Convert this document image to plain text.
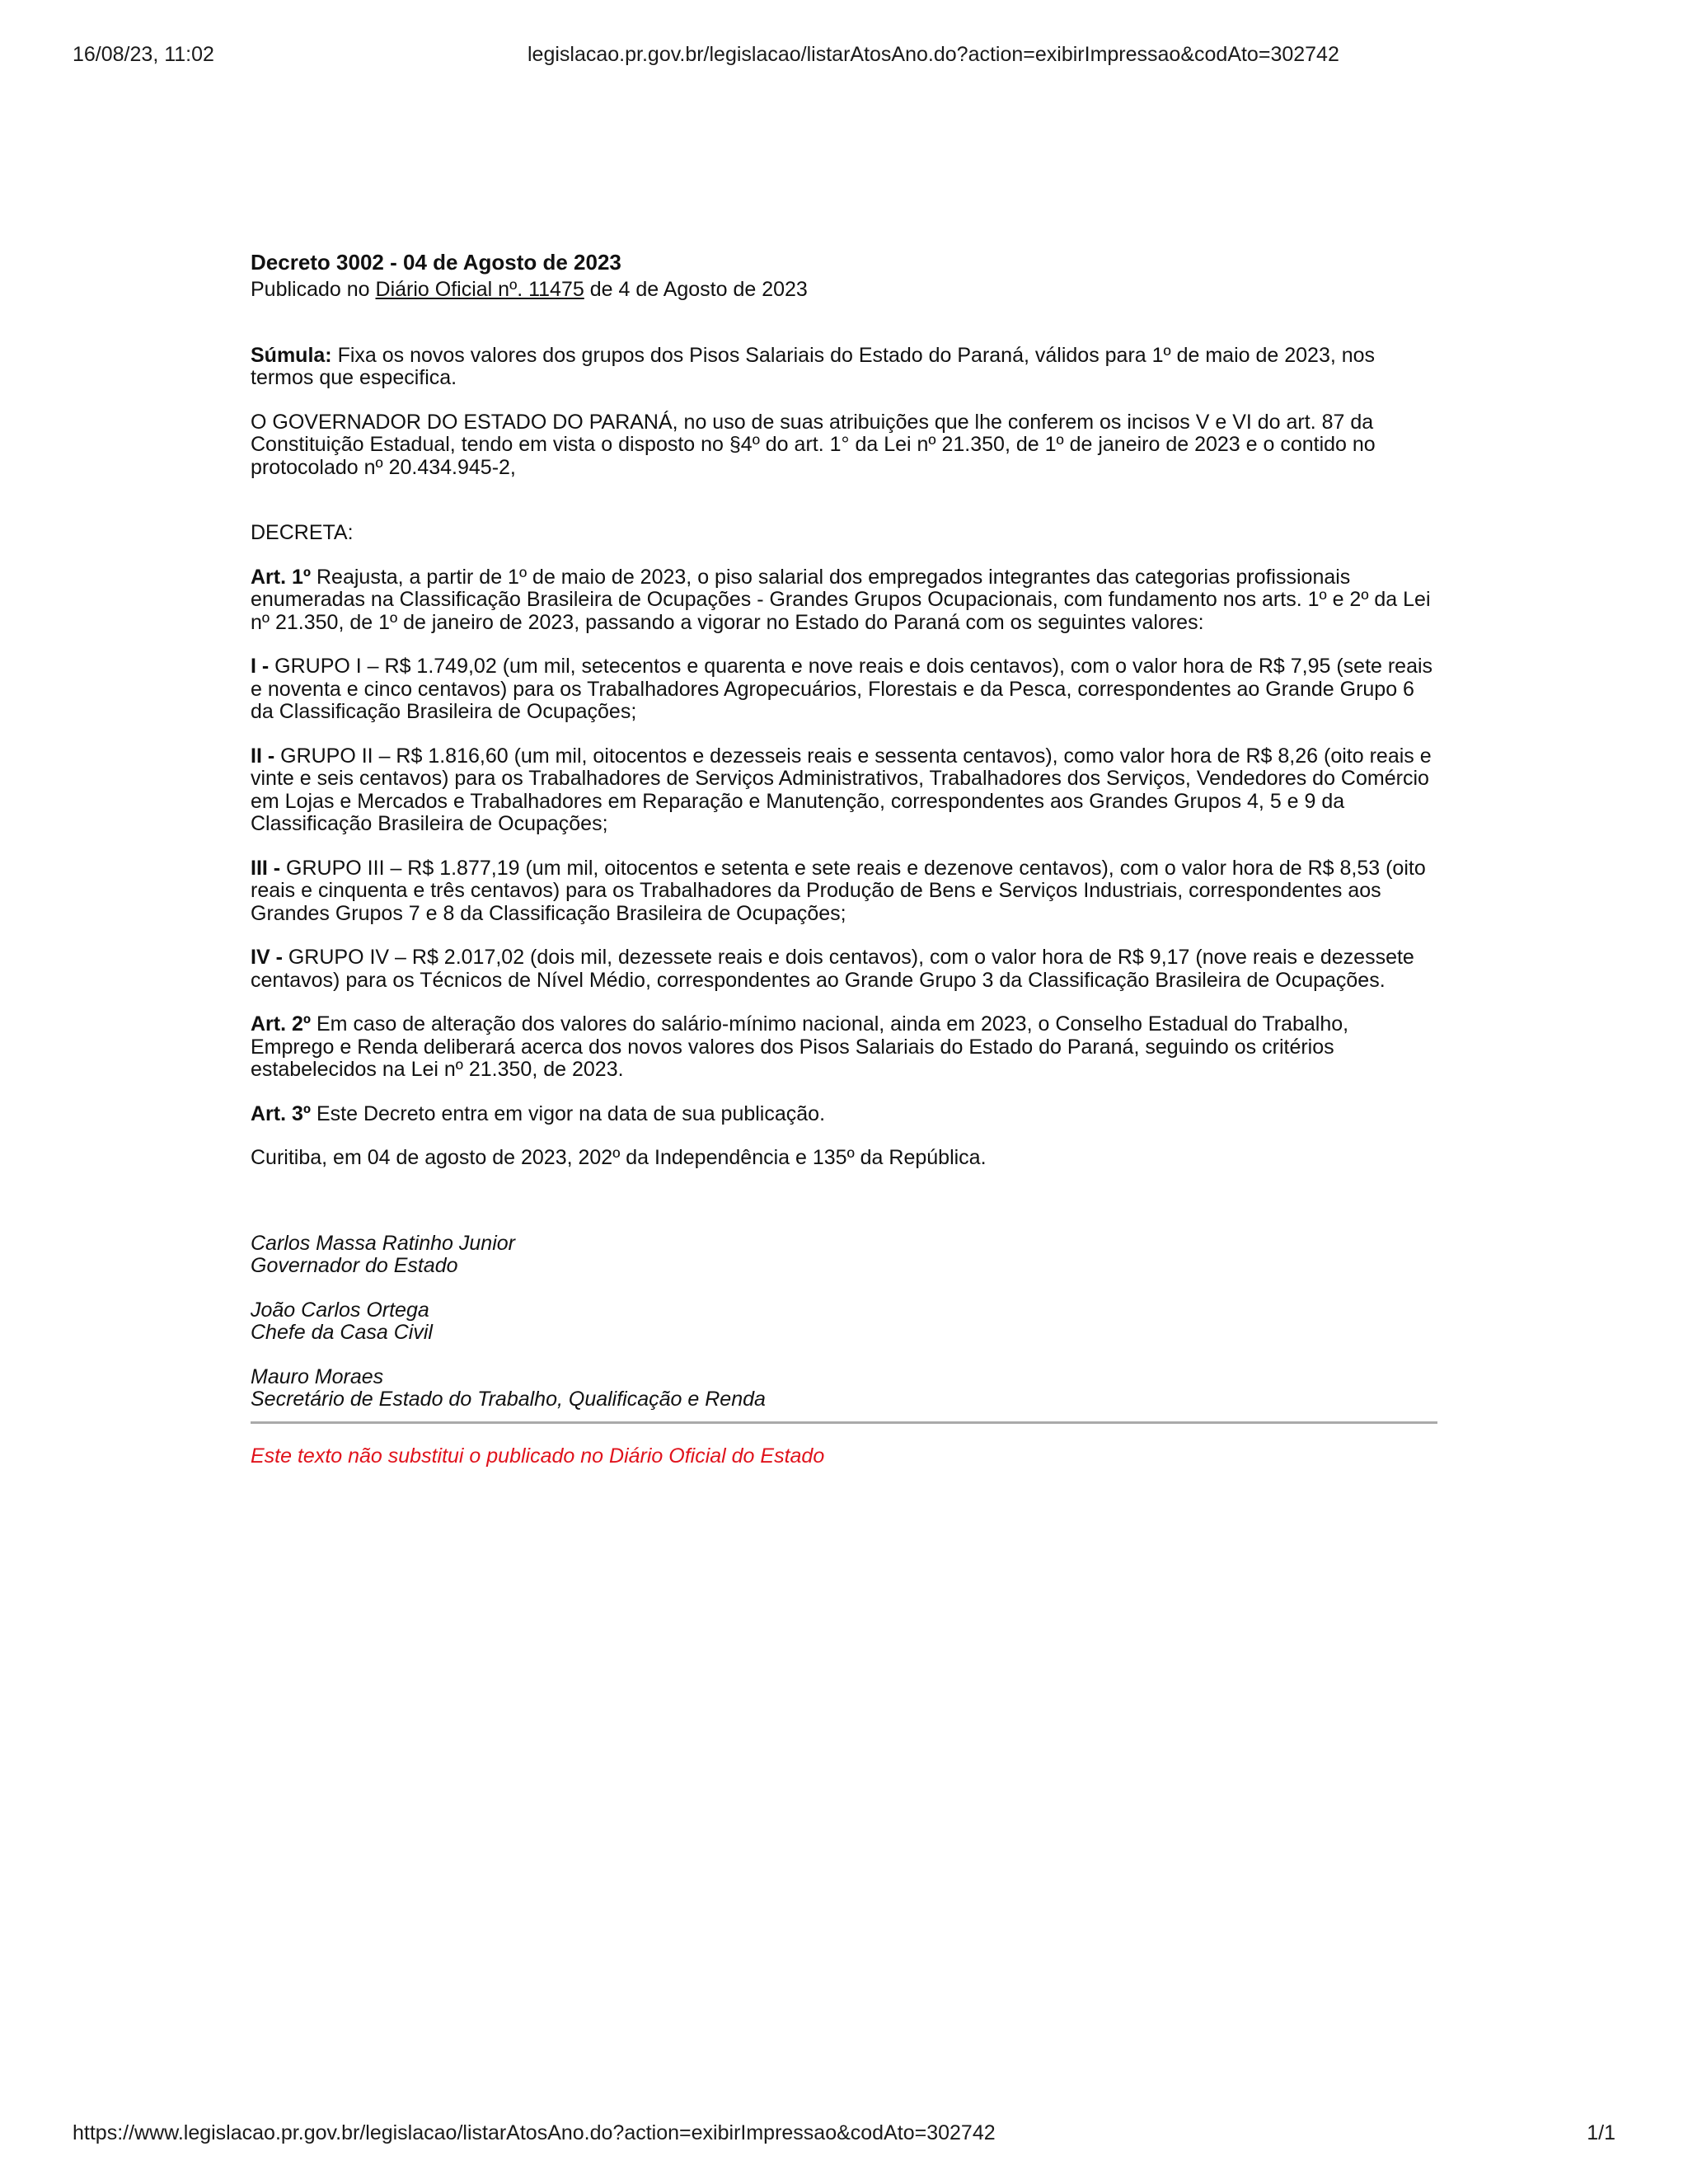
16/08/23, 11:02	legislacao.pr.gov.br/legislacao/listarAtosAno.do?action=exibirImpressao&codAto=302742

Decreto 3002 - 04 de Agosto de 2023

Publicado no Diário Oficial nº. 11475 de 4 de Agosto de 2023

Súmula: Fixa os novos valores dos grupos dos Pisos Salariais do Estado do Paraná, válidos para 1º de maio de 2023, nos termos que especifica.

O GOVERNADOR DO ESTADO DO PARANÁ, no uso de suas atribuições que lhe conferem os incisos V e VI do art. 87 da Constituição Estadual, tendo em vista o disposto no §4º do art. 1° da Lei nº 21.350, de 1º de janeiro de 2023 e o contido no protocolado nº 20.434.945-2,

DECRETA:

Art. 1º Reajusta, a partir de 1º de maio de 2023, o piso salarial dos empregados integrantes das categorias profissionais enumeradas na Classificação Brasileira de Ocupações - Grandes Grupos Ocupacionais, com fundamento nos arts. 1º e 2º da Lei nº 21.350, de 1º de janeiro de 2023, passando a vigorar no Estado do Paraná com os seguintes valores:

I - GRUPO I – R$ 1.749,02 (um mil, setecentos e quarenta e nove reais e dois centavos), com o valor hora de R$ 7,95 (sete reais e noventa e cinco centavos) para os Trabalhadores Agropecuários, Florestais e da Pesca, correspondentes ao Grande Grupo 6 da Classificação Brasileira de Ocupações;

II - GRUPO II – R$ 1.816,60 (um mil, oitocentos e dezesseis reais e sessenta centavos), como valor hora de R$ 8,26 (oito reais e vinte e seis centavos) para os Trabalhadores de Serviços Administrativos, Trabalhadores dos Serviços, Vendedores do Comércio em Lojas e Mercados e Trabalhadores em Reparação e Manutenção, correspondentes aos Grandes Grupos 4, 5 e 9 da Classificação Brasileira de Ocupações;

III - GRUPO III – R$ 1.877,19 (um mil, oitocentos e setenta e sete reais e dezenove centavos), com o valor hora de R$ 8,53 (oito reais e cinquenta e três centavos) para os Trabalhadores da Produção de Bens e Serviços Industriais, correspondentes aos Grandes Grupos 7 e 8 da Classificação Brasileira de Ocupações;

IV - GRUPO IV – R$ 2.017,02 (dois mil, dezessete reais e dois centavos), com o valor hora de R$ 9,17 (nove reais e dezessete centavos) para os Técnicos de Nível Médio, correspondentes ao Grande Grupo 3 da Classificação Brasileira de Ocupações.

Art. 2º Em caso de alteração dos valores do salário-mínimo nacional, ainda em 2023, o Conselho Estadual do Trabalho, Emprego e Renda deliberará acerca dos novos valores dos Pisos Salariais do Estado do Paraná, seguindo os critérios estabelecidos na Lei nº 21.350, de 2023.

Art. 3º Este Decreto entra em vigor na data de sua publicação.

Curitiba, em 04 de agosto de 2023, 202º da Independência e 135º da República.

Carlos Massa Ratinho Junior
Governador do Estado
João Carlos Ortega
Chefe da Casa Civil
Mauro Moraes
Secretário de Estado do Trabalho, Qualificação e Renda

Este texto não substitui o publicado no Diário Oficial do Estado

https://www.legislacao.pr.gov.br/legislacao/listarAtosAno.do?action=exibirImpressao&codAto=302742	1/1
